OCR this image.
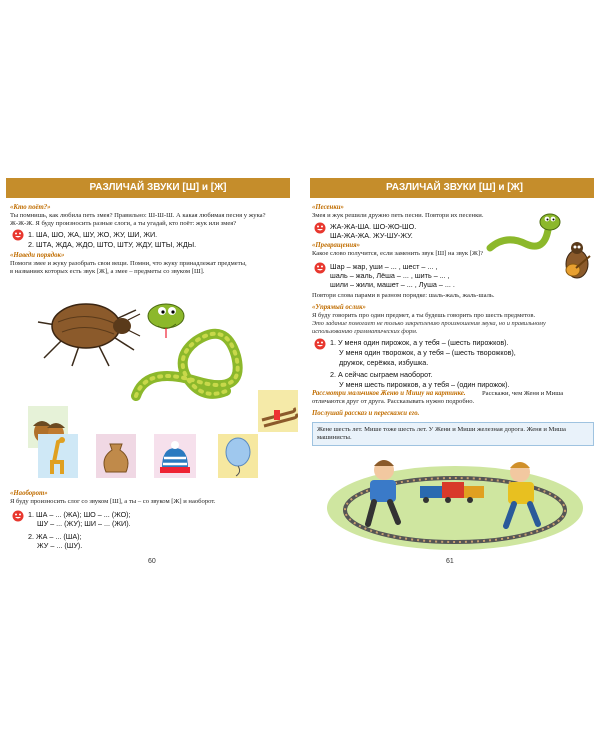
РАЗЛИЧАЙ ЗВУКИ [Ш] и [Ж]
«Кто поёт?»
Ты помнишь, как любила петь змея? Правильно: Ш-Ш-Ш. А какая любимая песня у жука?
Ж-Ж-Ж. Я буду произносить разные слоги, а ты угадай, кто поёт: жук или змея?
1. ША, ШО, ЖА, ШУ, ЖО, ЖУ, ШИ, ЖИ.
2. ШТА, ЖДА, ЖДО, ШТО, ШТУ, ЖДУ, ШТЫ, ЖДЫ.
«Наведи порядок»
Помоги змее и жуку разобрать свои вещи. Помни, что жуку принадлежат предметы,
в названиях которых есть звук [Ж], а змее – предметы со звуком [Ш].
«Наоборот»
Я буду произносить слог со звуком [Ш], а ты – со звуком [Ж] и наоборот.
1. ША – ... (ЖА); ШО – ... (ЖО);
ШУ – ... (ЖУ); ШИ – ... (ЖИ).
2. ЖА – ... (ША);
ЖУ – ... (ШУ).
60
РАЗЛИЧАЙ ЗВУКИ [Ш] и [Ж]
«Песенки»
Змея и жук решили дружно петь песни. Повтори их песенки.
ЖА-ЖА-ША. ШО-ЖО-ШО.
ША-ЖА-ЖА. ЖУ-ШУ-ЖУ.
«Превращения»
Какое слово получится, если заменить звук [Ш] на звук [Ж]?
Шар – жар, уши – ... , шест – ... ,
шаль – жаль, Лёша – ... , шить – ... ,
шили – жили, машет – ... , Луша – ... .
Повтори слова парами в разном порядке: шаль-жаль, жаль-шаль.
«Упрямый ослик»
Я буду говорить про один предмет, а ты будешь говорить про шесть предметов.
Это задание помогает не только закреплению произношения звука, но и правильному
использованию грамматических форм.
1. У меня один пирожок, а у тебя – (шесть пирожков).
У меня один творожок, а у тебя – (шесть творожков),
дружок, серёжка, избушка.
2. А сейчас сыграем наоборот.
У меня шесть пирожков, а у тебя – (один пирожок).
Рассмотри мальчиков Женю и Мишу на картинке. Расскажи, чем Женя и Миша
отличаются друг от друга. Рассказывать нужно подробно.
Послушай рассказ и перескажи его.
Жене шесть лет. Мише тоже шесть лет. У Жени и Миши железная дорога. Женя и Миша
машинисты.
61
